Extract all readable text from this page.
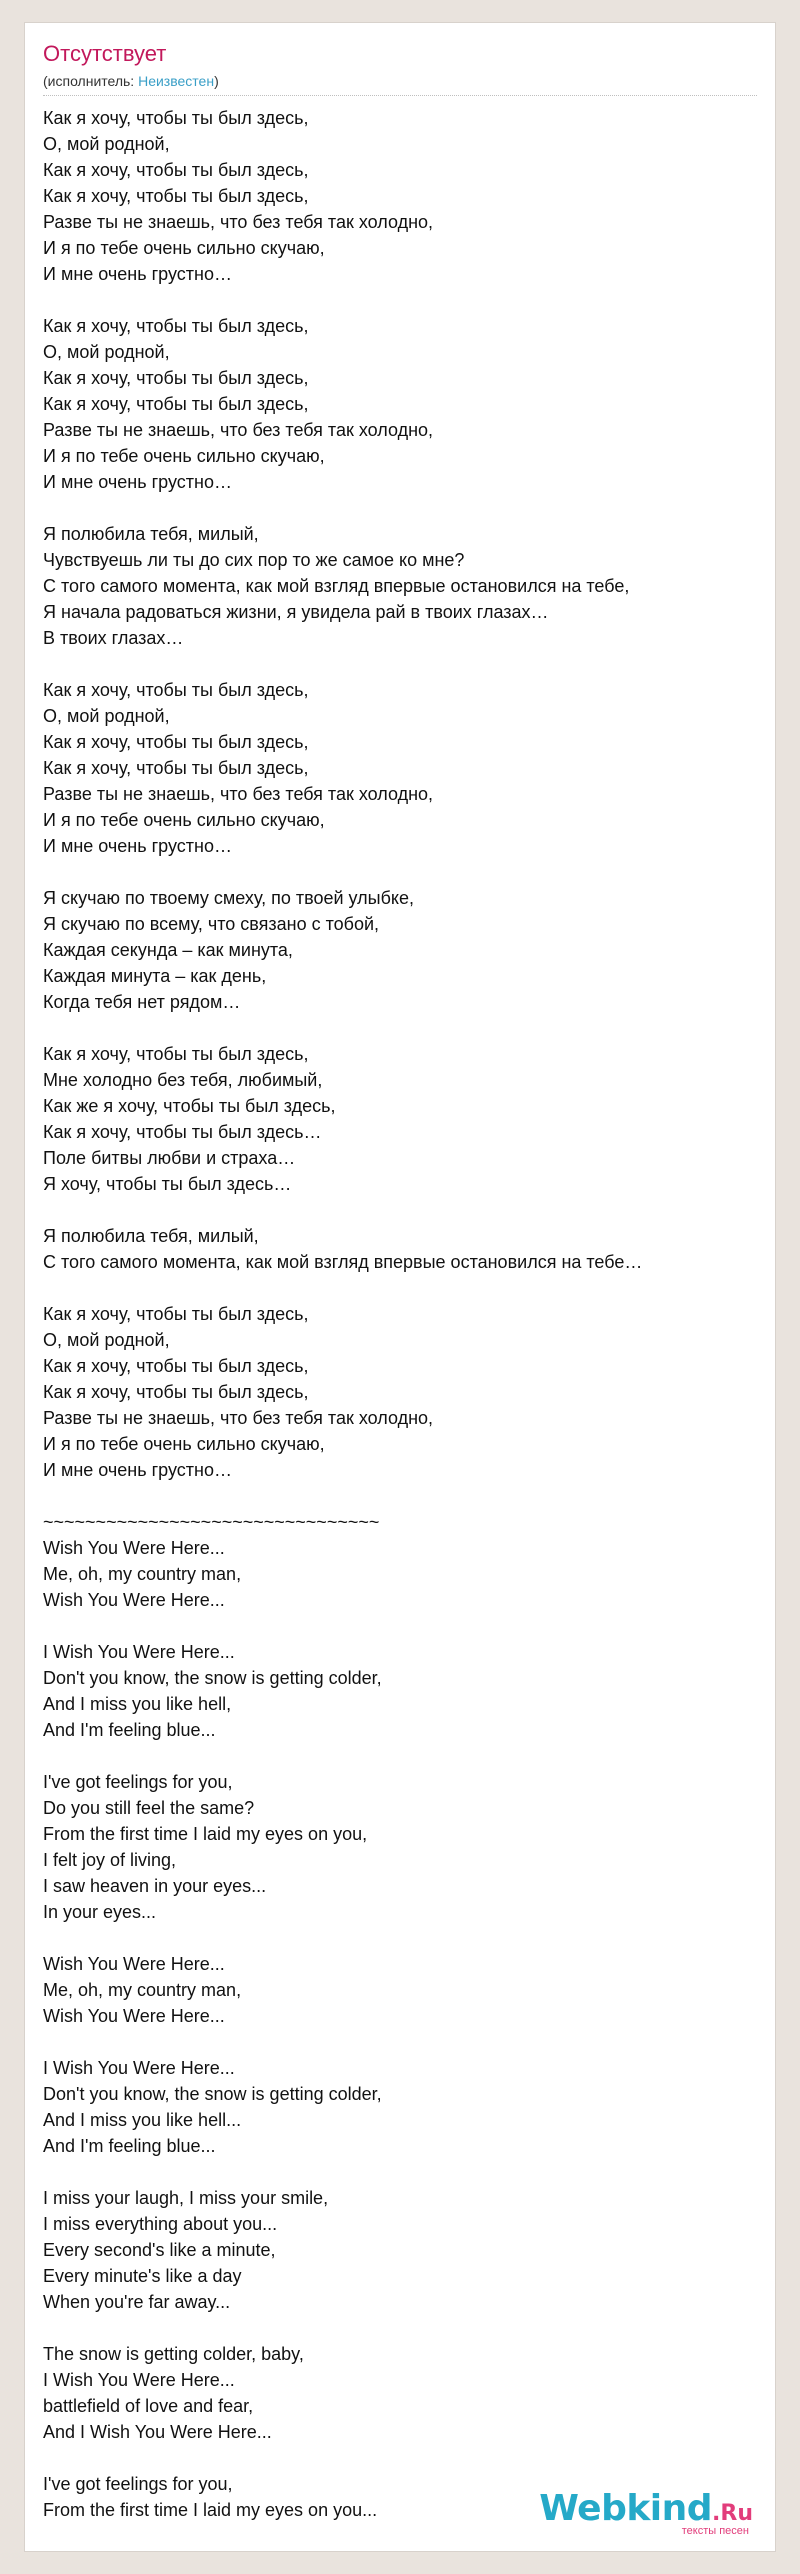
Отсутствует
(исполнитель: Неизвестен)
Как я хочу, чтобы ты был здесь,
О, мой родной,
Как я хочу, чтобы ты был здесь,
Как я хочу, чтобы ты был здесь,
Разве ты не знаешь, что без тебя так холодно,
И я по тебе очень сильно скучаю,
И мне очень грустно…
Как я хочу, чтобы ты был здесь,
О, мой родной,
Как я хочу, чтобы ты был здесь,
Как я хочу, чтобы ты был здесь,
Разве ты не знаешь, что без тебя так холодно,
И я по тебе очень сильно скучаю,
И мне очень грустно…
Я полюбила тебя, милый,
Чувствуешь ли ты до сих пор то же самое ко мне?
С того самого момента, как мой взгляд впервые остановился на тебе,
Я начала радоваться жизни, я увидела рай в твоих глазах…
В твоих глазах…
Как я хочу, чтобы ты был здесь,
О, мой родной,
Как я хочу, чтобы ты был здесь,
Как я хочу, чтобы ты был здесь,
Разве ты не знаешь, что без тебя так холодно,
И я по тебе очень сильно скучаю,
И мне очень грустно…
Я скучаю по твоему смеху, по твоей улыбке,
Я скучаю по всему, что связано с тобой,
Каждая секунда – как минута,
Каждая минута – как день,
Когда тебя нет рядом…
Как я хочу, чтобы ты был здесь,
Мне холодно без тебя, любимый,
Как же я хочу, чтобы ты был здесь,
Как я хочу, чтобы ты был здесь…
Поле битвы любви и страха…
Я хочу, чтобы ты был здесь…
Я полюбила тебя, милый,
С того самого момента, как мой взгляд впервые остановился на тебе…
Как я хочу, чтобы ты был здесь,
О, мой родной,
Как я хочу, чтобы ты был здесь,
Как я хочу, чтобы ты был здесь,
Разве ты не знаешь, что без тебя так холодно,
И я по тебе очень сильно скучаю,
И мне очень грустно…
~~~~~~~~~~~~~~~~~~~~~~~~~~~~~~~~
Wish You Were Here...
Me, oh, my country man,
Wish You Were Here...
I Wish You Were Here...
Don't you know, the snow is getting colder,
And I miss you like hell,
And I'm feeling blue...
I've got feelings for you,
Do you still feel the same?
From the first time I laid my eyes on you,
I felt joy of living,
I saw heaven in your eyes...
In your eyes...
Wish You Were Here...
Me, oh, my country man,
Wish You Were Here...
I Wish You Were Here...
Don't you know, the snow is getting colder,
And I miss you like hell...
And I'm feeling blue...
I miss your laugh, I miss your smile,
I miss everything about you...
Every second's like a minute,
Every minute's like a day
When you're far away...
The snow is getting colder, baby,
I Wish You Were Here...
battlefield of love and fear,
And I Wish You Were Here...
I've got feelings for you,
From the first time I laid my eyes on you...	Webkind.Ru
тексты песен
